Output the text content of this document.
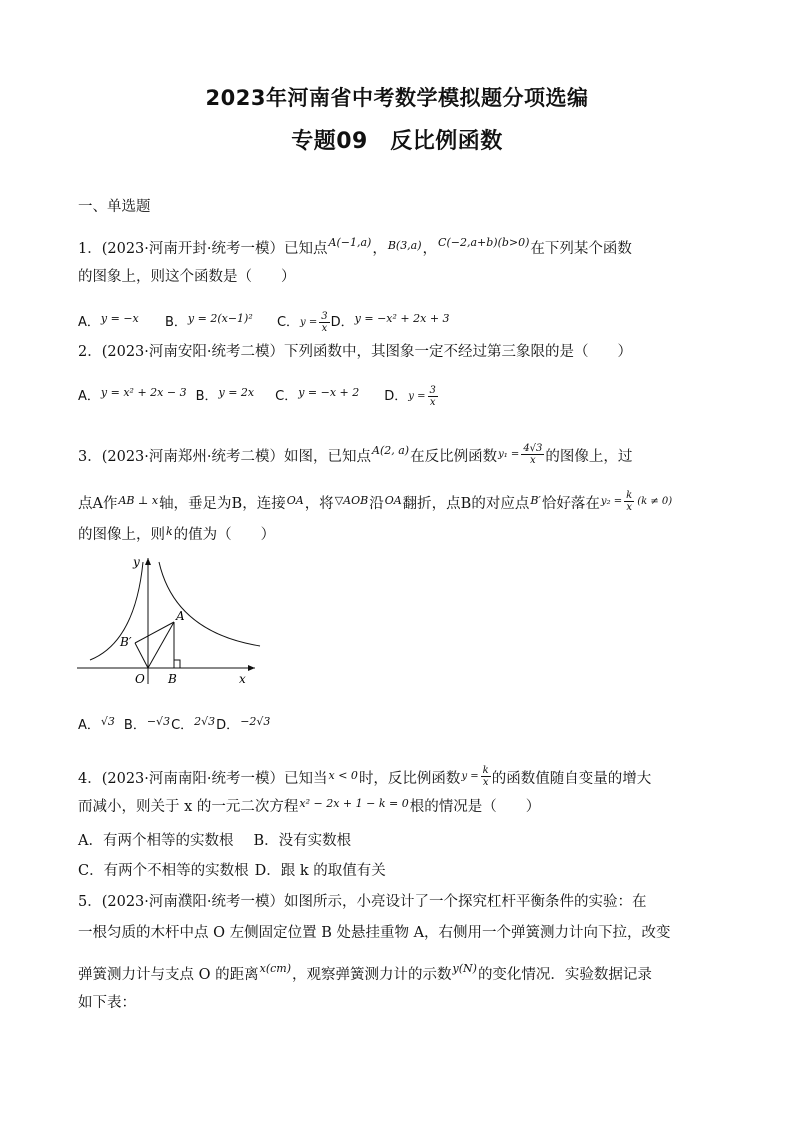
2023年河南省中考数学模拟题分项选编
专题09　反比例函数
一、单选题
1．(2023·河南开封·统考一模）已知点A(−1,a)，B(3,a)，C(−2,a+b)(b>0)在下列某个函数
的图象上，则这个函数是（　　）
A．y = −x B．y = 2(x−1)² C． $y = \frac{3}{x}$ D．y = −x² + 2x + 3
2．(2023·河南安阳·统考二模）下列函数中，其图象一定不经过第三象限的是（　　）
A．y = x² + 2x − 3 B．y = 2x C．y = −x + 2 D． $y = \frac{3}{x}$
3．(2023·河南郑州·统考二模）如图，已知点A(2, a)在反比例函数 $y_1 = \frac{4√3}{x}$ 的图像上，过
点A作AB ⊥ x轴，垂足为B，连接OA，将▽AOB沿OA翻折，点B的对应点B′恰好落在 $y_2 = \frac{k}{x} (k \ne 0)$
的图像上，则k的值为（　　）
y
x
A
B′
O B
A．√3 B．−√3C．2√3D．−2√3
4．(2023·河南南阳·统考一模）已知当x < 0时，反比例函数 $y = \frac{k}{x}$ 的函数值随自变量的增大
而减小，则关于 x 的一元二次方程x² − 2x + 1 − k = 0根的情况是（　　）
A．有两个相等的实数根 B．没有实数根
C．有两个不相等的实数根 D．跟 k 的取值有关
5．(2023·河南濮阳·统考一模）如图所示，小亮设计了一个探究杠杆平衡条件的实验：在
一根匀质的木杆中点 O 左侧固定位置 B 处悬挂重物 A，右侧用一个弹簧测力计向下拉，改变
弹簧测力计与支点 O 的距离x(cm)，观察弹簧测力计的示数y(N)的变化情况．实验数据记录
如下表：
